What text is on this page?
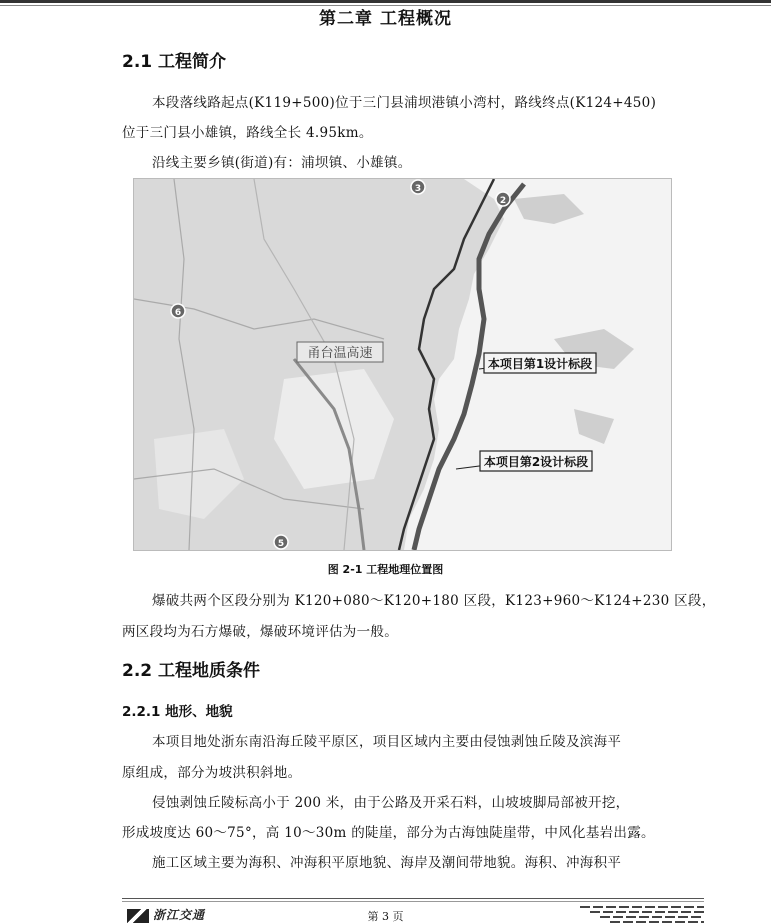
第二章 工程概况
2.1 工程简介
本段落线路起点(K119+500)位于三门县浦坝港镇小湾村，路线终点(K124+450)
位于三门县小雄镇，路线全长 4.95km。
沿线主要乡镇(街道)有：浦坝镇、小雄镇。
2
3
5
6
甬台温高速
本项目第1设计标段
本项目第2设计标段
图 2-1 工程地理位置图
爆破共两个区段分别为 K120+080～K120+180 区段，K123+960～K124+230 区段，
两区段均为石方爆破，爆破环境评估为一般。
2.2 工程地质条件
2.2.1 地形、地貌
本项目地处浙东南沿海丘陵平原区，项目区域内主要由侵蚀剥蚀丘陵及滨海平
原组成，部分为坡洪积斜地。
侵蚀剥蚀丘陵标高小于 200 米，由于公路及开采石料，山坡坡脚局部被开挖，
形成坡度达 60～75°，高 10～30m 的陡崖，部分为古海蚀陡崖带，中风化基岩出露。
施工区域主要为海积、冲海积平原地貌、海岸及潮间带地貌。海积、冲海积平
浙江交通	第 3 页
